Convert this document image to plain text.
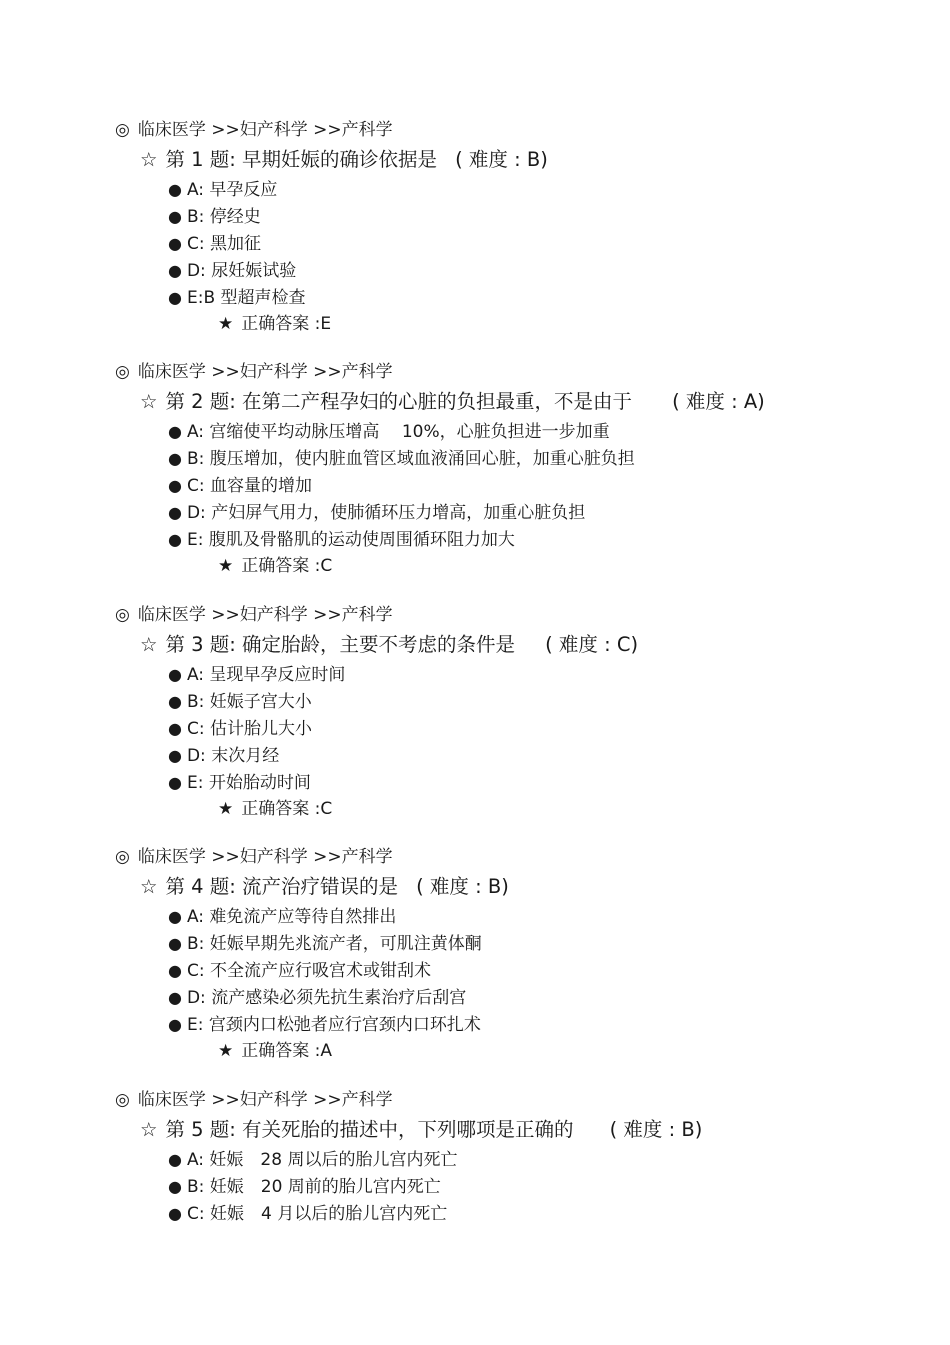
◎ 临床医学 >>妇产科学 >>产科学
☆ 第 1 题: 早期妊娠的确诊依据是 ( 难度 : B)
● A: 早孕反应
● B: 停经史
● C: 黑加征
● D: 尿妊娠试验
● E:B 型超声检查
★ 正确答案 :E
◎ 临床医学 >>妇产科学 >>产科学
☆ 第 2 题: 在第二产程孕妇的心脏的负担最重，不是由于 ( 难度 : A)
● A: 宫缩使平均动脉压增高　 10%，心脏负担进一步加重
● B: 腹压增加，使内脏血管区域血液涌回心脏，加重心脏负担
● C: 血容量的增加
● D: 产妇屏气用力，使肺循环压力增高，加重心脏负担
● E: 腹肌及骨骼肌的运动使周围循环阻力加大
★ 正确答案 :C
◎ 临床医学 >>妇产科学 >>产科学
☆ 第 3 题: 确定胎龄，主要不考虑的条件是 ( 难度 : C)
● A: 呈现早孕反应时间
● B: 妊娠子宫大小
● C: 估计胎儿大小
● D: 末次月经
● E: 开始胎动时间
★ 正确答案 :C
◎ 临床医学 >>妇产科学 >>产科学
☆ 第 4 题: 流产治疗错误的是 ( 难度 : B)
● A: 难免流产应等待自然排出
● B: 妊娠早期先兆流产者，可肌注黄体酮
● C: 不全流产应行吸宫术或钳刮术
● D: 流产感染必须先抗生素治疗后刮宫
● E: 宫颈内口松弛者应行宫颈内口环扎术
★ 正确答案 :A
◎ 临床医学 >>妇产科学 >>产科学
☆ 第 5 题: 有关死胎的描述中，下列哪项是正确的 ( 难度 : B)
● A: 妊娠　28 周以后的胎儿宫内死亡
● B: 妊娠　20 周前的胎儿宫内死亡
● C: 妊娠　4 月以后的胎儿宫内死亡
